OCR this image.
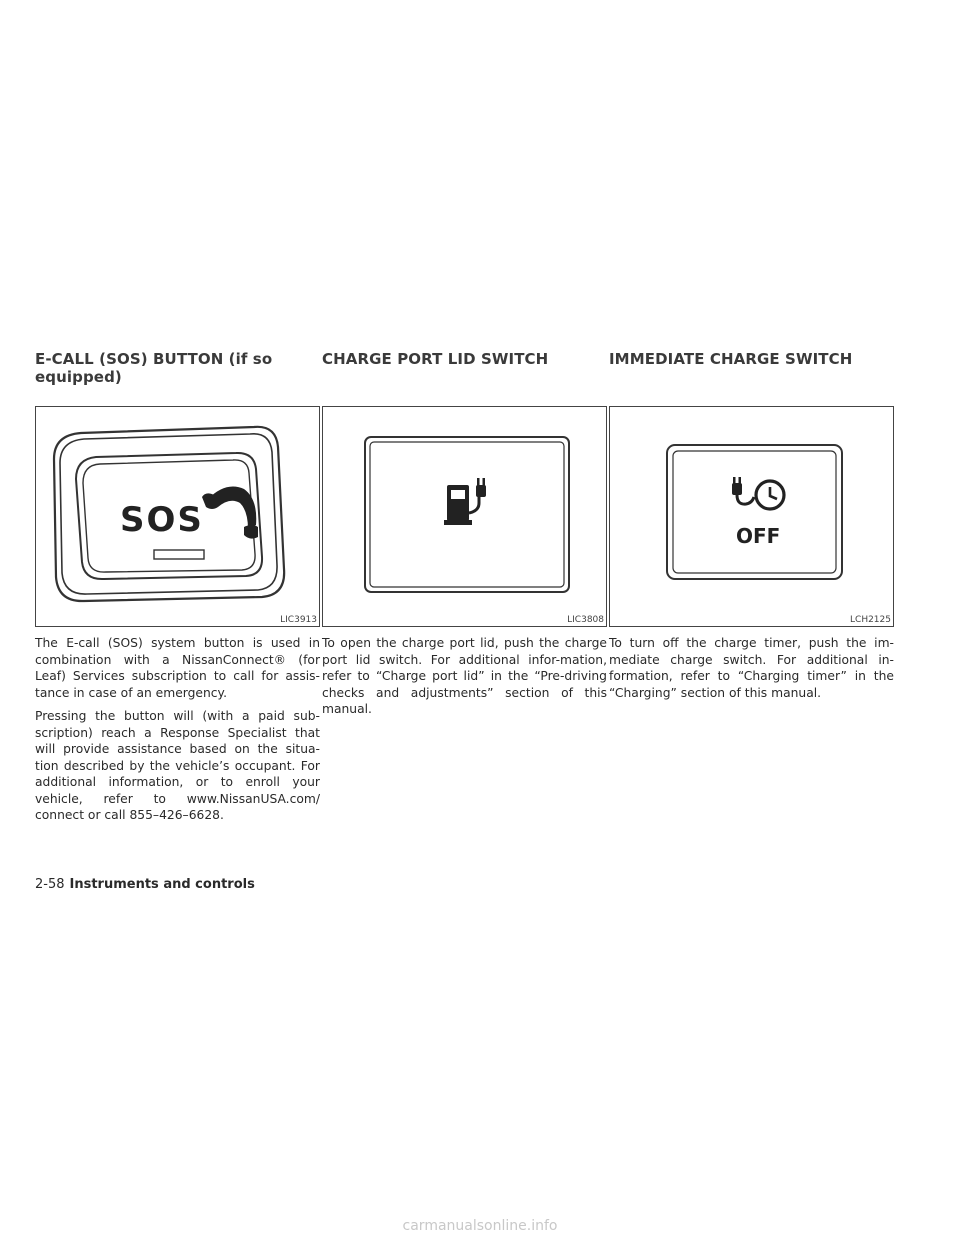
E-CALL (SOS) BUTTON (if so equipped)
SOS
LIC3913

The E-call (SOS) system button is used in combination with a NissanConnect® (for Leaf) Services subscription to call for assis-tance in case of an emergency.

Pressing the button will (with a paid sub-scription) reach a Response Specialist that will provide assistance based on the situa-tion described by the vehicle’s occupant. For additional information, or to enroll your vehicle, refer to www.NissanUSA.com/ connect or call 855–426–6628.

CHARGE PORT LID SWITCH
LIC3808

To open the charge port lid, push the charge port lid switch. For additional infor-mation, refer to “Charge port lid” in the “Pre-driving checks and adjustments” section of this manual.

IMMEDIATE CHARGE SWITCH
OFF
LCH2125

To turn off the charge timer, push the im-mediate charge switch. For additional in-formation, refer to “Charging timer” in the “Charging” section of this manual.

2-58 Instruments and controls
carmanualsonline.info
